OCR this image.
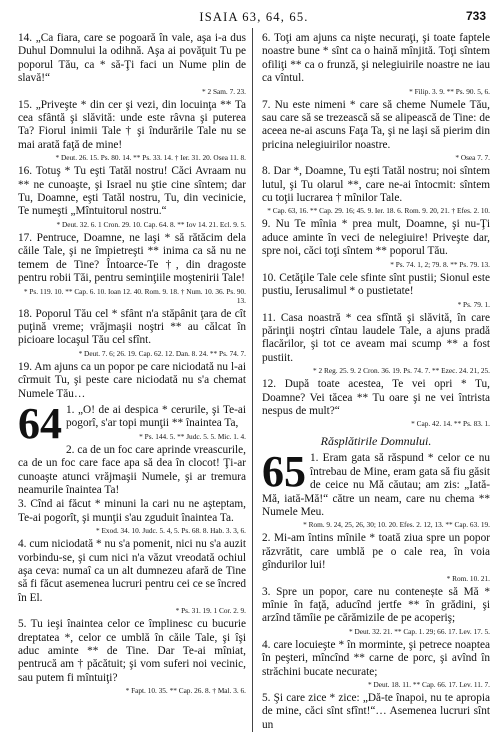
ISAIA 63, 64, 65.	733

14. „Ca fiara, care se pogoară în vale, aşa i-a dus Duhul Domnului la odihnă. Aşa ai povăţuit Tu pe poporul Tău, ca * să-Ţi faci un Nume plin de slavă!“

* 2 Sam. 7. 23.

15. „Priveşte * din cer şi vezi, din locuinţa ** Ta cea sfântă şi slăvită: unde este râvna şi puterea Ta? Fiorul inimii Tale † şi îndurările Tale nu se mai arată faţă de mine!

* Deut. 26. 15. Ps. 80. 14. ** Ps. 33. 14. † Ier. 31. 20. Osea 11. 8.

16. Totuş * Tu eşti Tatăl nostru! Căci Avraam nu ** ne cunoaşte, şi Israel nu ştie cine sîntem; dar Tu, Doamne, eşti Tatăl nostru, Tu, din vecinicie, Te numeşti „Mîntuitorul nostru.“

* Deut. 32. 6. 1 Cron. 29. 10. Cap. 64. 8. ** Iov 14. 21. Ecl. 9. 5.

17. Pentruce, Doamne, ne laşi * să rătăcim dela căile Tale, şi ne împietreşti ** inima ca să nu ne temem de Tine? Întoarce-Te †, din dragoste pentru robii Tăi, pentru seminţiile moştenirii Tale!

* Ps. 119. 10. ** Cap. 6. 10. Ioan 12. 40. Rom. 9. 18. † Num. 10. 36. Ps. 90. 13.

18. Poporul Tău cel * sfânt n'a stăpânit ţara de cît puţină vreme; vrăjmaşii noştri ** au călcat în picioare locaşul Tău cel sfînt.

* Deut. 7. 6; 26. 19. Cap. 62. 12. Dan. 8. 24. ** Ps. 74. 7.

19. Am ajuns ca un popor pe care niciodată nu l-ai cîrmuit Tu, şi peste care niciodată nu s'a chemat Numele Tău…

64 1. „O! de ai despica * cerurile, şi Te-ai pogorî, s'ar topi munţii ** înaintea Ta,

* Ps. 144. 5. ** Judc. 5. 5. Mic. 1. 4.

2. ca de un foc care aprinde vreascurile, ca de un foc care face apa să dea în clocot! Ţi-ar cunoaşte atunci vrăjmaşii Numele, şi ar tremura neamurile înaintea Ta!

3. Cînd ai făcut * minuni la cari nu ne aşteptam, Te-ai pogorît, şi munţii s'au zguduit înaintea Ta.

* Exod. 34. 10. Judc. 5. 4, 5. Ps. 68. 8. Hab. 3. 3, 6.

4. cum niciodată * nu s'a pomenit, nici nu s'a auzit vorbindu-se, şi cum nici n'a văzut vreodată ochiul aşa ceva: numaî ca un alt dumnezeu afară de Tine să fi făcut asemenea lucruri pentru cei ce se încred în El.

* Ps. 31. 19. 1 Cor. 2. 9.

5. Tu ieşi înaintea celor ce împlinesc cu bucurie dreptatea *, celor ce umblă în căile Tale, şi îşi aduc aminte ** de Tine. Dar Te-ai mîniat, pentrucă am † păcătuit; şi vom suferi noi vecinic, sau putem fi mîntuiţi?

* Fapt. 10. 35. ** Cap. 26. 8. † Mal. 3. 6.

6. Toţi am ajuns ca nişte necuraţi, şi toate faptele noastre bune * sînt ca o haină mînjită. Toţi sîntem ofiliţi ** ca o frunză, şi nelegiuirile noastre ne iau ca vîntul.

* Filip. 3. 9. ** Ps. 90. 5, 6.

7. Nu este nimeni * care să cheme Numele Tău, sau care să se trezească să se alipească de Tine: de aceea ne-ai ascuns Faţa Ta, şi ne laşi să pierim din pricina nelegiuirilor noastre.

* Osea 7. 7.

8. Dar *, Doamne, Tu eşti Tatăl nostru; noi sîntem lutul, şi Tu olarul **, care ne-ai întocmit: sîntem cu toţii lucrarea † mînilor Tale.

* Cap. 63, 16. ** Cap. 29. 16; 45. 9. Ier. 18. 6. Rom. 9. 20, 21. † Efes. 2. 10.

9. Nu Te mînia * prea mult, Doamne, şi nu-Ţi aduce aminte în veci de nelegiuire! Priveşte dar, spre noi, căci toţi sîntem ** poporul Tău.

* Ps. 74. 1, 2; 79. 8. ** Ps. 79. 13.

10. Cetăţile Tale cele sfinte sînt pustii; Sionul este pustiu, Ierusalimul * o pustietate!

* Ps. 79. 1.

11. Casa noastră * cea sfîntă şi slăvită, în care părinţii noştri cîntau laudele Tale, a ajuns pradă flacărilor, şi tot ce aveam mai scump ** a fost pustiit.

* 2 Reg. 25. 9. 2 Cron. 36. 19. Ps. 74. 7. ** Ezec. 24. 21, 25.

12. După toate acestea, Te vei opri * Tu, Doamne? Vei tăcea ** Tu oare şi ne vei întrista nespus de mult?“

* Cap. 42. 14. ** Ps. 83. 1.

Răsplătirile Domnului.
65 1. Eram gata să răspund * celor ce nu întrebau de Mine, eram gata să fiu găsit de ceice nu Mă căutau; am zis: „Iată-Mă, iată-Mă!“ către un neam, care nu chema ** Numele Meu.

* Rom. 9. 24, 25, 26, 30; 10. 20. Efes. 2. 12, 13. ** Cap. 63. 19.

2. Mi-am întins mînile * toată ziua spre un popor răzvrătit, care umblă pe o cale rea, în voia gîndurilor lui!

* Rom. 10. 21.

3. Spre un popor, care nu contenește să Mă * mînie în faţă, aducînd jertfe ** în grădini, şi arzînd tămîie pe cărămizile de pe acoperiş;

* Deut. 32. 21. ** Cap. 1. 29; 66. 17. Lev. 17. 5.

4. care locuieşte * în morminte, şi petrece noaptea în peşteri, mîncînd ** carne de porc, şi avînd în străchini bucate necurate;

* Deut. 18. 11. ** Cap. 66. 17. Lev. 11. 7.

5. Şi care zice * zice: „Dă-te înapoi, nu te apropia de mine, căci sînt sfînt!“… Asemenea lucruri sînt un
